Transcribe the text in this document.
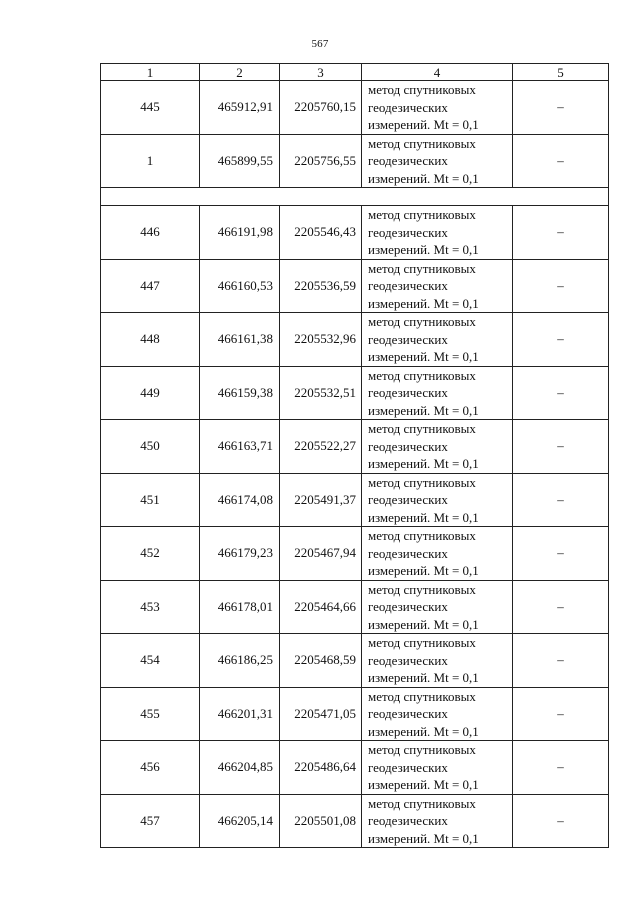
567
1	2	3	4	5
445	465912,91	2205760,15	метод спутниковых
геодезических
измерений. Mt = 0,1	–
1	465899,55	2205756,55	метод спутниковых
геодезических
измерений. Mt = 0,1	–

446	466191,98	2205546,43	метод спутниковых
геодезических
измерений. Mt = 0,1	–
447	466160,53	2205536,59	метод спутниковых
геодезических
измерений. Mt = 0,1	–
448	466161,38	2205532,96	метод спутниковых
геодезических
измерений. Mt = 0,1	–
449	466159,38	2205532,51	метод спутниковых
геодезических
измерений. Mt = 0,1	–
450	466163,71	2205522,27	метод спутниковых
геодезических
измерений. Mt = 0,1	–
451	466174,08	2205491,37	метод спутниковых
геодезических
измерений. Mt = 0,1	–
452	466179,23	2205467,94	метод спутниковых
геодезических
измерений. Mt = 0,1	–
453	466178,01	2205464,66	метод спутниковых
геодезических
измерений. Mt = 0,1	–
454	466186,25	2205468,59	метод спутниковых
геодезических
измерений. Mt = 0,1	–
455	466201,31	2205471,05	метод спутниковых
геодезических
измерений. Mt = 0,1	–
456	466204,85	2205486,64	метод спутниковых
геодезических
измерений. Mt = 0,1	–
457	466205,14	2205501,08	метод спутниковых
геодезических
измерений. Mt = 0,1	–
